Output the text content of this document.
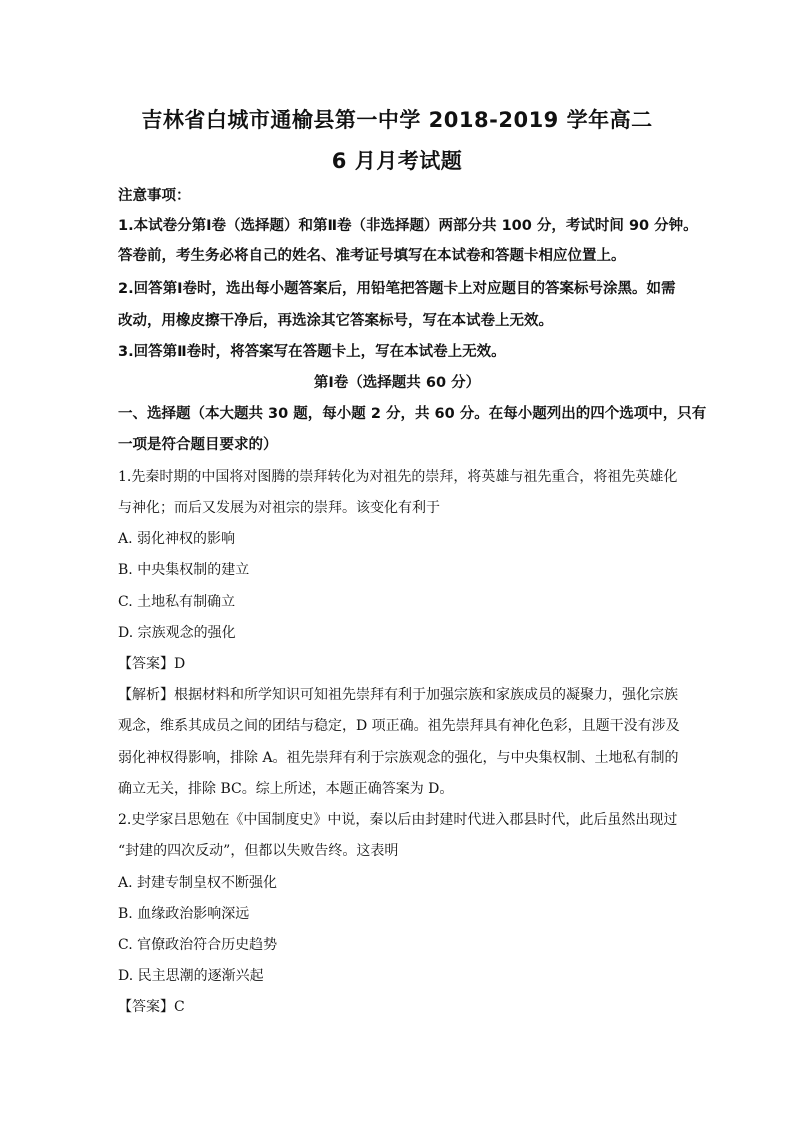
吉林省白城市通榆县第一中学 2018-2019 学年高二
6 月月考试题
注意事项：
1.本试卷分第Ⅰ卷（选择题）和第Ⅱ卷（非选择题）两部分共 100 分，考试时间 90 分钟。
答卷前，考生务必将自己的姓名、准考证号填写在本试卷和答题卡相应位置上。
2.回答第Ⅰ卷时，选出每小题答案后，用铅笔把答题卡上对应题目的答案标号涂黑。如需
改动，用橡皮擦干净后，再选涂其它答案标号，写在本试卷上无效。
3.回答第Ⅱ卷时，将答案写在答题卡上，写在本试卷上无效。
第Ⅰ卷（选择题共 60 分）
一、选择题（本大题共 30 题，每小题 2 分，共 60 分。在每小题列出的四个选项中，只有
一项是符合题目要求的）
1.先秦时期的中国将对图腾的崇拜转化为对祖先的崇拜，将英雄与祖先重合，将祖先英雄化
与神化；而后又发展为对祖宗的崇拜。该变化有利于
A. 弱化神权的影响
B. 中央集权制的建立
C. 土地私有制确立
D. 宗族观念的强化
【答案】D
【解析】根据材料和所学知识可知祖先崇拜有利于加强宗族和家族成员的凝聚力，强化宗族
观念，维系其成员之间的团结与稳定，D 项正确。祖先崇拜具有神化色彩，且题干没有涉及
弱化神权得影响，排除 A。祖先崇拜有利于宗族观念的强化，与中央集权制、土地私有制的
确立无关，排除 BC。综上所述，本题正确答案为 D。
2.史学家吕思勉在《中国制度史》中说，秦以后由封建时代进入郡县时代，此后虽然出现过
“封建的四次反动”，但都以失败告终。这表明
A. 封建专制皇权不断强化
B. 血缘政治影响深远
C. 官僚政治符合历史趋势
D. 民主思潮的逐渐兴起
【答案】C
